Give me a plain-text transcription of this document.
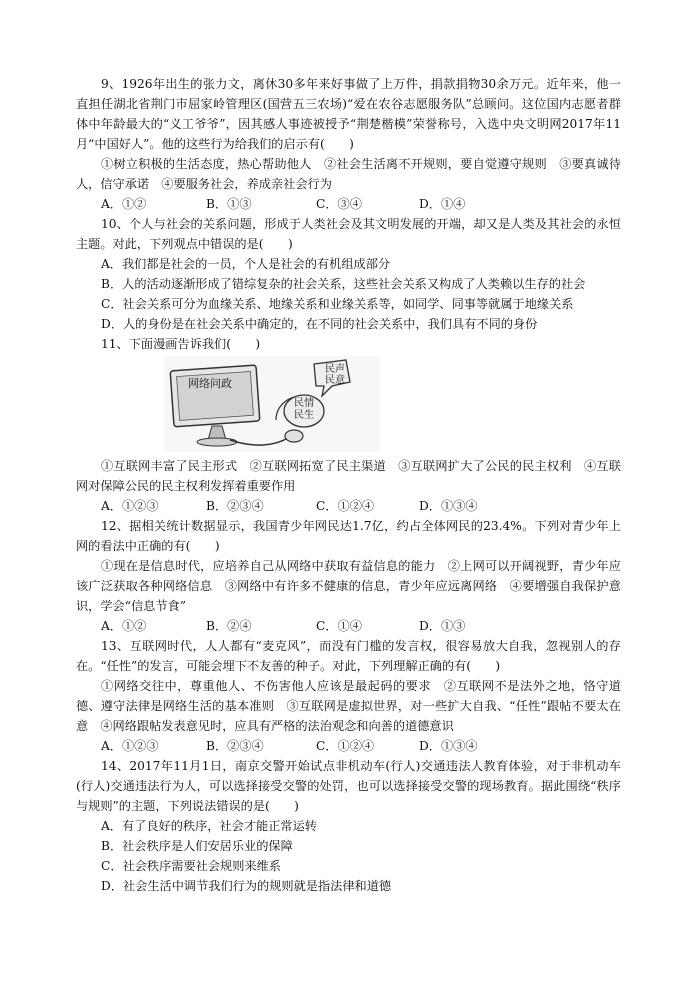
9、1926年出生的张力文，离休30多年来好事做了上万件，捐款捐物30余万元。近年来，他一直担任湖北省荆门市屈家岭管理区(国营五三农场)“爱在农谷志愿服务队”总顾问。这位国内志愿者群体中年龄最大的“义工爷爷”，因其感人事迹被授予“荆楚楷模”荣誉称号，入选中央文明网2017年11月“中国好人”。他的这些行为给我们的启示有(　　)

①树立积极的生活态度，热心帮助他人　②社会生活离不开规则，要自觉遵守规则　③要真诚待人，信守承诺　④要服务社会，养成亲社会行为

A．①②	B．①③	C．③④	D．①④

10、个人与社会的关系问题，形成于人类社会及其文明发展的开端，却又是人类及其社会的永恒主题。对此，下列观点中错误的是(　　)

A．我们都是社会的一员，个人是社会的有机组成部分

B．人的活动逐渐形成了错综复杂的社会关系，这些社会关系又构成了人类赖以生存的社会

C．社会关系可分为血缘关系、地缘关系和业缘关系等，如同学、同事等就属于地缘关系

D．人的身份是在社会关系中确定的，在不同的社会关系中，我们具有不同的身份

11、下面漫画告诉我们(　　)

网络问政
民声
民意
民情
民生

①互联网丰富了民主形式　②互联网拓宽了民主渠道　③互联网扩大了公民的民主权利　④互联网对保障公民的民主权利发挥着重要作用

A．①②③	B．②③④	C．①②④	D．①③④

12、据相关统计数据显示，我国青少年网民达1.7亿，约占全体网民的23.4%。下列对青少年上网的看法中正确的有(　　)

①现在是信息时代，应培养自己从网络中获取有益信息的能力　②上网可以开阔视野，青少年应该广泛获取各种网络信息　③网络中有许多不健康的信息，青少年应远离网络　④要增强自我保护意识，学会“信息节食”

A．①②	B．②④	C．①④	D．①③

13、互联网时代，人人都有“麦克风”，而没有门槛的发言权，很容易放大自我，忽视别人的存在。“任性”的发言，可能会埋下不友善的种子。对此，下列理解正确的有(　　)

①网络交往中，尊重他人、不伤害他人应该是最起码的要求　②互联网不是法外之地，恪守道德、遵守法律是网络生活的基本准则　③互联网是虚拟世界，对一些扩大自我、“任性”跟帖不要太在意　④网络跟帖发表意见时，应具有严格的法治观念和向善的道德意识

A．①②③	B．②③④	C．①②④	D．①③④

14、2017年11月1日，南京交警开始试点非机动车(行人)交通违法人教育体验，对于非机动车(行人)交通违法行为人，可以选择接受交警的处罚，也可以选择接受交警的现场教育。据此围绕“秩序与规则”的主题，下列说法错误的是(　　)

A．有了良好的秩序，社会才能正常运转

B．社会秩序是人们安居乐业的保障

C．社会秩序需要社会规则来维系

D．社会生活中调节我们行为的规则就是指法律和道德
